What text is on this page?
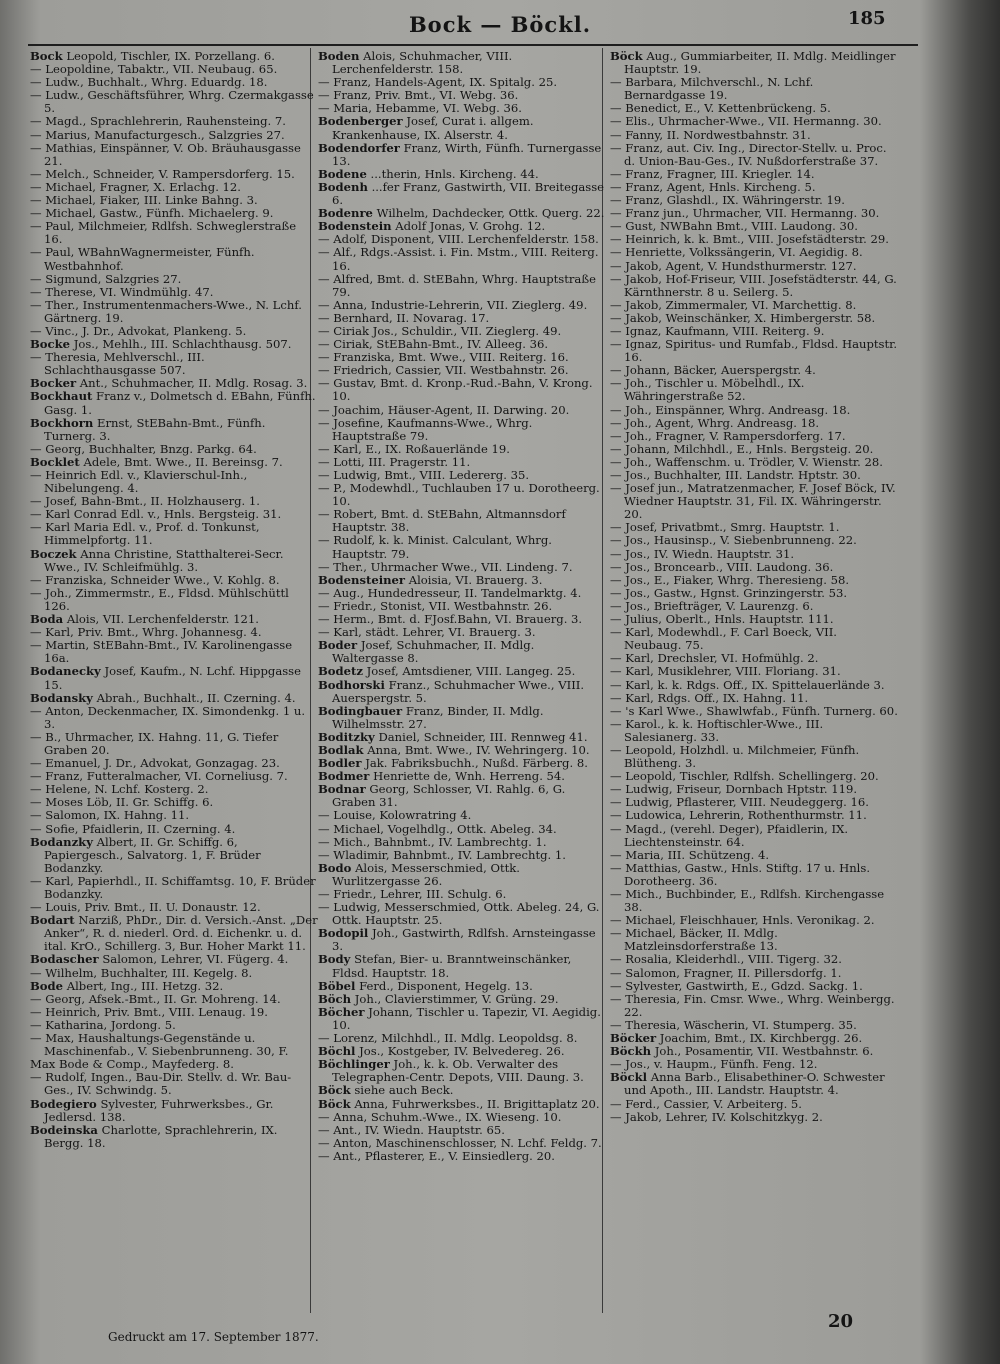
Bock — Böckl.	185

Bock Leopold, Tischler, IX. Porzellang. 6.

— Leopoldine, Tabaktr., VII. Neubaug. 65.

— Ludw., Buchhalt., Whrg. Eduardg. 18.

— Ludw., Geschäftsführer, Whrg. Czermakgasse 5.

— Magd., Sprachlehrerin, Rauhensteing. 7.

— Marius, Manufacturgesch., Salzgries 27.

— Mathias, Einspänner, V. Ob. Bräuhausgasse 21.

— Melch., Schneider, V. Rampersdorferg. 15.

— Michael, Fragner, X. Erlachg. 12.

— Michael, Fiaker, III. Linke Bahng. 3.

— Michael, Gastw., Fünfh. Michaelerg. 9.

— Paul, Milchmeier, Rdlfsh. Schweglerstraße 16.

— Paul, WBahnWagnermeister, Fünfh. Westbahnhof.

— Sigmund, Salzgries 27.

— Therese, VI. Windmühlg. 47.

— Ther., Instrumentenmachers-Wwe., N. Lchf. Gärtnerg. 19.

— Vinc., J. Dr., Advokat, Plankeng. 5.

Bocke Jos., Mehlh., III. Schlachthausg. 507.

— Theresia, Mehlverschl., III. Schlachthausgasse 507.

Bocker Ant., Schuhmacher, II. Mdlg. Rosag. 3.

Bockhaut Franz v., Dolmetsch d. EBahn, Fünfh. Gasg. 1.

Bockhorn Ernst, StEBahn-Bmt., Fünfh. Turnerg. 3.

— Georg, Buchhalter, Bnzg. Parkg. 64.

Bocklet Adele, Bmt. Wwe., II. Bereinsg. 7.

— Heinrich Edl. v., Klavierschul-Inh., Nibelungeng. 4.

— Josef, Bahn-Bmt., II. Holzhauserg. 1.

— Karl Conrad Edl. v., Hnls. Bergsteig. 31.

— Karl Maria Edl. v., Prof. d. Tonkunst, Himmelpfortg. 11.

Boczek Anna Christine, Statthalterei-Secr. Wwe., IV. Schleifmühlg. 3.

— Franziska, Schneider Wwe., V. Kohlg. 8.

— Joh., Zimmermstr., E., Fldsd. Mühlschüttl 126.

Boda Alois, VII. Lerchenfelderstr. 121.

— Karl, Priv. Bmt., Whrg. Johannesg. 4.

— Martin, StEBahn-Bmt., IV. Karolinengasse 16a.

Bodanecky Josef, Kaufm., N. Lchf. Hippgasse 15.

Bodansky Abrah., Buchhalt., II. Czerning. 4.

— Anton, Deckenmacher, IX. Simondenkg. 1 u. 3.

— B., Uhrmacher, IX. Hahng. 11, G. Tiefer Graben 20.

— Emanuel, J. Dr., Advokat, Gonzagag. 23.

— Franz, Futteralmacher, VI. Corneliusg. 7.

— Helene, N. Lchf. Kosterg. 2.

— Moses Löb, II. Gr. Schiffg. 6.

— Salomon, IX. Hahng. 11.

— Sofie, Pfaidlerin, II. Czerning. 4.

Bodanzky Albert, II. Gr. Schiffg. 6, Papiergesch., Salvatorg. 1, F. Brüder Bodanzky.

— Karl, Papierhdl., II. Schiffamtsg. 10, F. Brüder Bodanzky.

— Louis, Priv. Bmt., II. U. Donaustr. 12.

Bodart Narziß, PhDr., Dir. d. Versich.-Anst. „Der Anker“, R. d. niederl. Ord. d. Eichenkr. u. d. ital. KrO., Schillerg. 3, Bur. Hoher Markt 11.

Bodascher Salomon, Lehrer, VI. Fügerg. 4.

— Wilhelm, Buchhalter, III. Kegelg. 8.

Bode Albert, Ing., III. Hetzg. 32.

— Georg, Afsek.-Bmt., II. Gr. Mohreng. 14.

— Heinrich, Priv. Bmt., VIII. Lenaug. 19.

— Katharina, Jordong. 5.

— Max, Haushaltungs-Gegenstände u. Maschinenfab., V. Siebenbrunneng. 30, F.

Max Bode & Comp., Mayfederg. 8.

— Rudolf, Ingen., Bau-Dir. Stellv. d. Wr. Bau-Ges., IV. Schwindg. 5.

Bodegiero Sylvester, Fuhrwerksbes., Gr. Jedlersd. 138.

Bodeinska Charlotte, Sprachlehrerin, IX. Bergg. 18.

Boden Alois, Schuhmacher, VIII. Lerchenfelderstr. 158.

— Franz, Handels-Agent, IX. Spitalg. 25.

— Franz, Priv. Bmt., VI. Webg. 36.

— Maria, Hebamme, VI. Webg. 36.

Bodenberger Josef, Curat i. allgem. Krankenhause, IX. Alserstr. 4.

Bodendorfer Franz, Wirth, Fünfh. Turnergasse 13.

Bodene ...therin, Hnls. Kircheng. 44.

Bodenh ...fer Franz, Gastwirth, VII. Breitegasse 6.

Bodenre Wilhelm, Dachdecker, Ottk. Querg. 22.

Bodenstein Adolf Jonas, V. Grohg. 12.

— Adolf, Disponent, VIII. Lerchenfelderstr. 158.

— Alf., Rdgs.-Assist. i. Fin. Mstm., VIII. Reiterg. 16.

— Alfred, Bmt. d. StEBahn, Whrg. Hauptstraße 79.

— Anna, Industrie-Lehrerin, VII. Zieglerg. 49.

— Bernhard, II. Novarag. 17.

— Ciriak Jos., Schuldir., VII. Zieglerg. 49.

— Ciriak, StEBahn-Bmt., IV. Alleeg. 36.

— Franziska, Bmt. Wwe., VIII. Reiterg. 16.

— Friedrich, Cassier, VII. Westbahnstr. 26.

— Gustav, Bmt. d. Kronp.-Rud.-Bahn, V. Krong. 10.

— Joachim, Häuser-Agent, II. Darwing. 20.

— Josefine, Kaufmanns-Wwe., Whrg. Hauptstraße 79.

— Karl, E., IX. Roßauerlände 19.

— Lotti, III. Pragerstr. 11.

— Ludwig, Bmt., VIII. Ledererg. 35.

— P., Modewhdl., Tuchlauben 17 u. Dorotheerg. 10.

— Robert, Bmt. d. StEBahn, Altmannsdorf Hauptstr. 38.

— Rudolf, k. k. Minist. Calculant, Whrg. Hauptstr. 79.

— Ther., Uhrmacher Wwe., VII. Lindeng. 7.

Bodensteiner Aloisia, VI. Brauerg. 3.

— Aug., Hundedresseur, II. Tandelmarktg. 4.

— Friedr., Stonist, VII. Westbahnstr. 26.

— Herm., Bmt. d. FJosf.Bahn, VI. Brauerg. 3.

— Karl, städt. Lehrer, VI. Brauerg. 3.

Boder Josef, Schuhmacher, II. Mdlg. Waltergasse 8.

Bodetz Josef, Amtsdiener, VIII. Langeg. 25.

Bodhorski Franz., Schuhmacher Wwe., VIII. Auerspergstr. 5.

Bodingbauer Franz, Binder, II. Mdlg. Wilhelmsstr. 27.

Boditzky Daniel, Schneider, III. Rennweg 41.

Bodlak Anna, Bmt. Wwe., IV. Wehringerg. 10.

Bodler Jak. Fabriksbuchh., Nußd. Färberg. 8.

Bodmer Henriette de, Wnh. Herreng. 54.

Bodnar Georg, Schlosser, VI. Rahlg. 6, G. Graben 31.

— Louise, Kolowratring 4.

— Michael, Vogelhdlg., Ottk. Abeleg. 34.

— Mich., Bahnbmt., IV. Lambrechtg. 1.

— Wladimir, Bahnbmt., IV. Lambrechtg. 1.

Bodo Alois, Messerschmied, Ottk. Wurlitzergasse 26.

— Friedr., Lehrer, III. Schulg. 6.

— Ludwig, Messerschmied, Ottk. Abeleg. 24, G. Ottk. Hauptstr. 25.

Bodopil Joh., Gastwirth, Rdlfsh. Arnsteingasse 3.

Body Stefan, Bier- u. Branntweinschänker, Fldsd. Hauptstr. 18.

Böbel Ferd., Disponent, Hegelg. 13.

Böch Joh., Clavierstimmer, V. Grüng. 29.

Böcher Johann, Tischler u. Tapezir, VI. Aegidig. 10.

— Lorenz, Milchhdl., II. Mdlg. Leopoldsg. 8.

Böchl Jos., Kostgeber, IV. Belvedereg. 26.

Böchlinger Joh., k. k. Ob. Verwalter des Telegraphen-Centr. Depots, VIII. Daung. 3.

Böck siehe auch Beck.

Böck Anna, Fuhrwerksbes., II. Brigittaplatz 20.

— Anna, Schuhm.-Wwe., IX. Wieseng. 10.

— Ant., IV. Wiedn. Hauptstr. 65.

— Anton, Maschinenschlosser, N. Lchf. Feldg. 7.

— Ant., Pflasterer, E., V. Einsiedlerg. 20.

Böck Aug., Gummiarbeiter, II. Mdlg. Meidlinger Hauptstr. 19.

— Barbara, Milchverschl., N. Lchf. Bernardgasse 19.

— Benedict, E., V. Kettenbrückeng. 5.

— Elis., Uhrmacher-Wwe., VII. Hermanng. 30.

— Fanny, II. Nordwestbahnstr. 31.

— Franz, aut. Civ. Ing., Director-Stellv. u. Proc. d. Union-Bau-Ges., IV. Nußdorferstraße 37.

— Franz, Fragner, III. Kriegler. 14.

— Franz, Agent, Hnls. Kircheng. 5.

— Franz, Glashdl., IX. Währingerstr. 19.

— Franz jun., Uhrmacher, VII. Hermanng. 30.

— Gust, NWBahn Bmt., VIII. Laudong. 30.

— Heinrich, k. k. Bmt., VIII. Josefstädterstr. 29.

— Henriette, Volkssängerin, VI. Aegidig. 8.

— Jakob, Agent, V. Hundsthurmerstr. 127.

— Jakob, Hof-Friseur, VIII. Josefstädterstr. 44, G. Kärnthnerstr. 8 u. Seilerg. 5.

— Jakob, Zimmermaler, VI. Marchettig. 8.

— Jakob, Weinschänker, X. Himbergerstr. 58.

— Ignaz, Kaufmann, VIII. Reiterg. 9.

— Ignaz, Spiritus- und Rumfab., Fldsd. Hauptstr. 16.

— Johann, Bäcker, Auerspergstr. 4.

— Joh., Tischler u. Möbelhdl., IX. Währingerstraße 52.

— Joh., Einspänner, Whrg. Andreasg. 18.

— Joh., Agent, Whrg. Andreasg. 18.

— Joh., Fragner, V. Rampersdorferg. 17.

— Johann, Milchhdl., E., Hnls. Bergsteig. 20.

— Joh., Waffenschm. u. Trödler, V. Wienstr. 28.

— Jos., Buchhalter, III. Landstr. Hptstr. 30.

— Josef jun., Matratzenmacher, F. Josef Böck, IV. Wiedner Hauptstr. 31, Fil. IX. Währingerstr. 20.

— Josef, Privatbmt., Smrg. Hauptstr. 1.

— Jos., Hausinsp., V. Siebenbrunneng. 22.

— Jos., IV. Wiedn. Hauptstr. 31.

— Jos., Broncearb., VIII. Laudong. 36.

— Jos., E., Fiaker, Whrg. Theresieng. 58.

— Jos., Gastw., Hgnst. Grinzingerstr. 53.

— Jos., Briefträger, V. Laurenzg. 6.

— Julius, Oberlt., Hnls. Hauptstr. 111.

— Karl, Modewhdl., F. Carl Boeck, VII. Neubaug. 75.

— Karl, Drechsler, VI. Hofmühlg. 2.

— Karl, Musiklehrer, VIII. Floriang. 31.

— Karl, k. k. Rdgs. Off., IX. Spittelauerlände 3.

— Karl, Rdgs. Off., IX. Hahng. 11.

— 's Karl Wwe., Shawlwfab., Fünfh. Turnerg. 60.

— Karol., k. k. Hoftischler-Wwe., III. Salesianerg. 33.

— Leopold, Holzhdl. u. Milchmeier, Fünfh. Blütheng. 3.

— Leopold, Tischler, Rdlfsh. Schellingerg. 20.

— Ludwig, Friseur, Dornbach Hptstr. 119.

— Ludwig, Pflasterer, VIII. Neudeggerg. 16.

— Ludowica, Lehrerin, Rothenthurmstr. 11.

— Magd., (verehl. Deger), Pfaidlerin, IX. Liechtensteinstr. 64.

— Maria, III. Schützeng. 4.

— Matthias, Gastw., Hnls. Stiftg. 17 u. Hnls. Dorotheerg. 36.

— Mich., Buchbinder, E., Rdlfsh. Kirchengasse 38.

— Michael, Fleischhauer, Hnls. Veronikag. 2.

— Michael, Bäcker, II. Mdlg. Matzleinsdorferstraße 13.

— Rosalia, Kleiderhdl., VIII. Tigerg. 32.

— Salomon, Fragner, II. Pillersdorfg. 1.

— Sylvester, Gastwirth, E., Gdzd. Sackg. 1.

— Theresia, Fin. Cmsr. Wwe., Whrg. Weinbergg. 22.

— Theresia, Wäscherin, VI. Stumperg. 35.

Böcker Joachim, Bmt., IX. Kirchbergg. 26.

Böckh Joh., Posamentir, VII. Westbahnstr. 6.

— Jos., v. Haupm., Fünfh. Feng. 12.

Böckl Anna Barb., Elisabethiner-O. Schwester und Apoth., III. Landstr. Hauptstr. 4.

— Ferd., Cassier, V. Arbeiterg. 5.

— Jakob, Lehrer, IV. Kolschitzkyg. 2.

Gedruckt am 17. September 1877.
20
